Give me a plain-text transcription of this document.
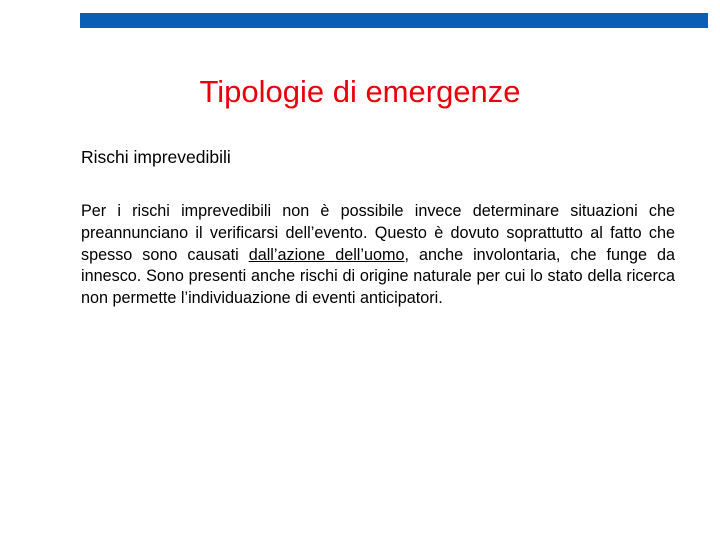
Tipologie di emergenze
Rischi imprevedibili

Per i rischi imprevedibili non è possibile invece determinare situazioni che preannunciano il verificarsi dell’evento. Questo è dovuto soprattutto al fatto che spesso sono causati dall’azione dell’uomo, anche involontaria, che funge da innesco. Sono presenti anche rischi di origine naturale per cui lo stato della ricerca non permette l’individuazione di eventi anticipatori.
